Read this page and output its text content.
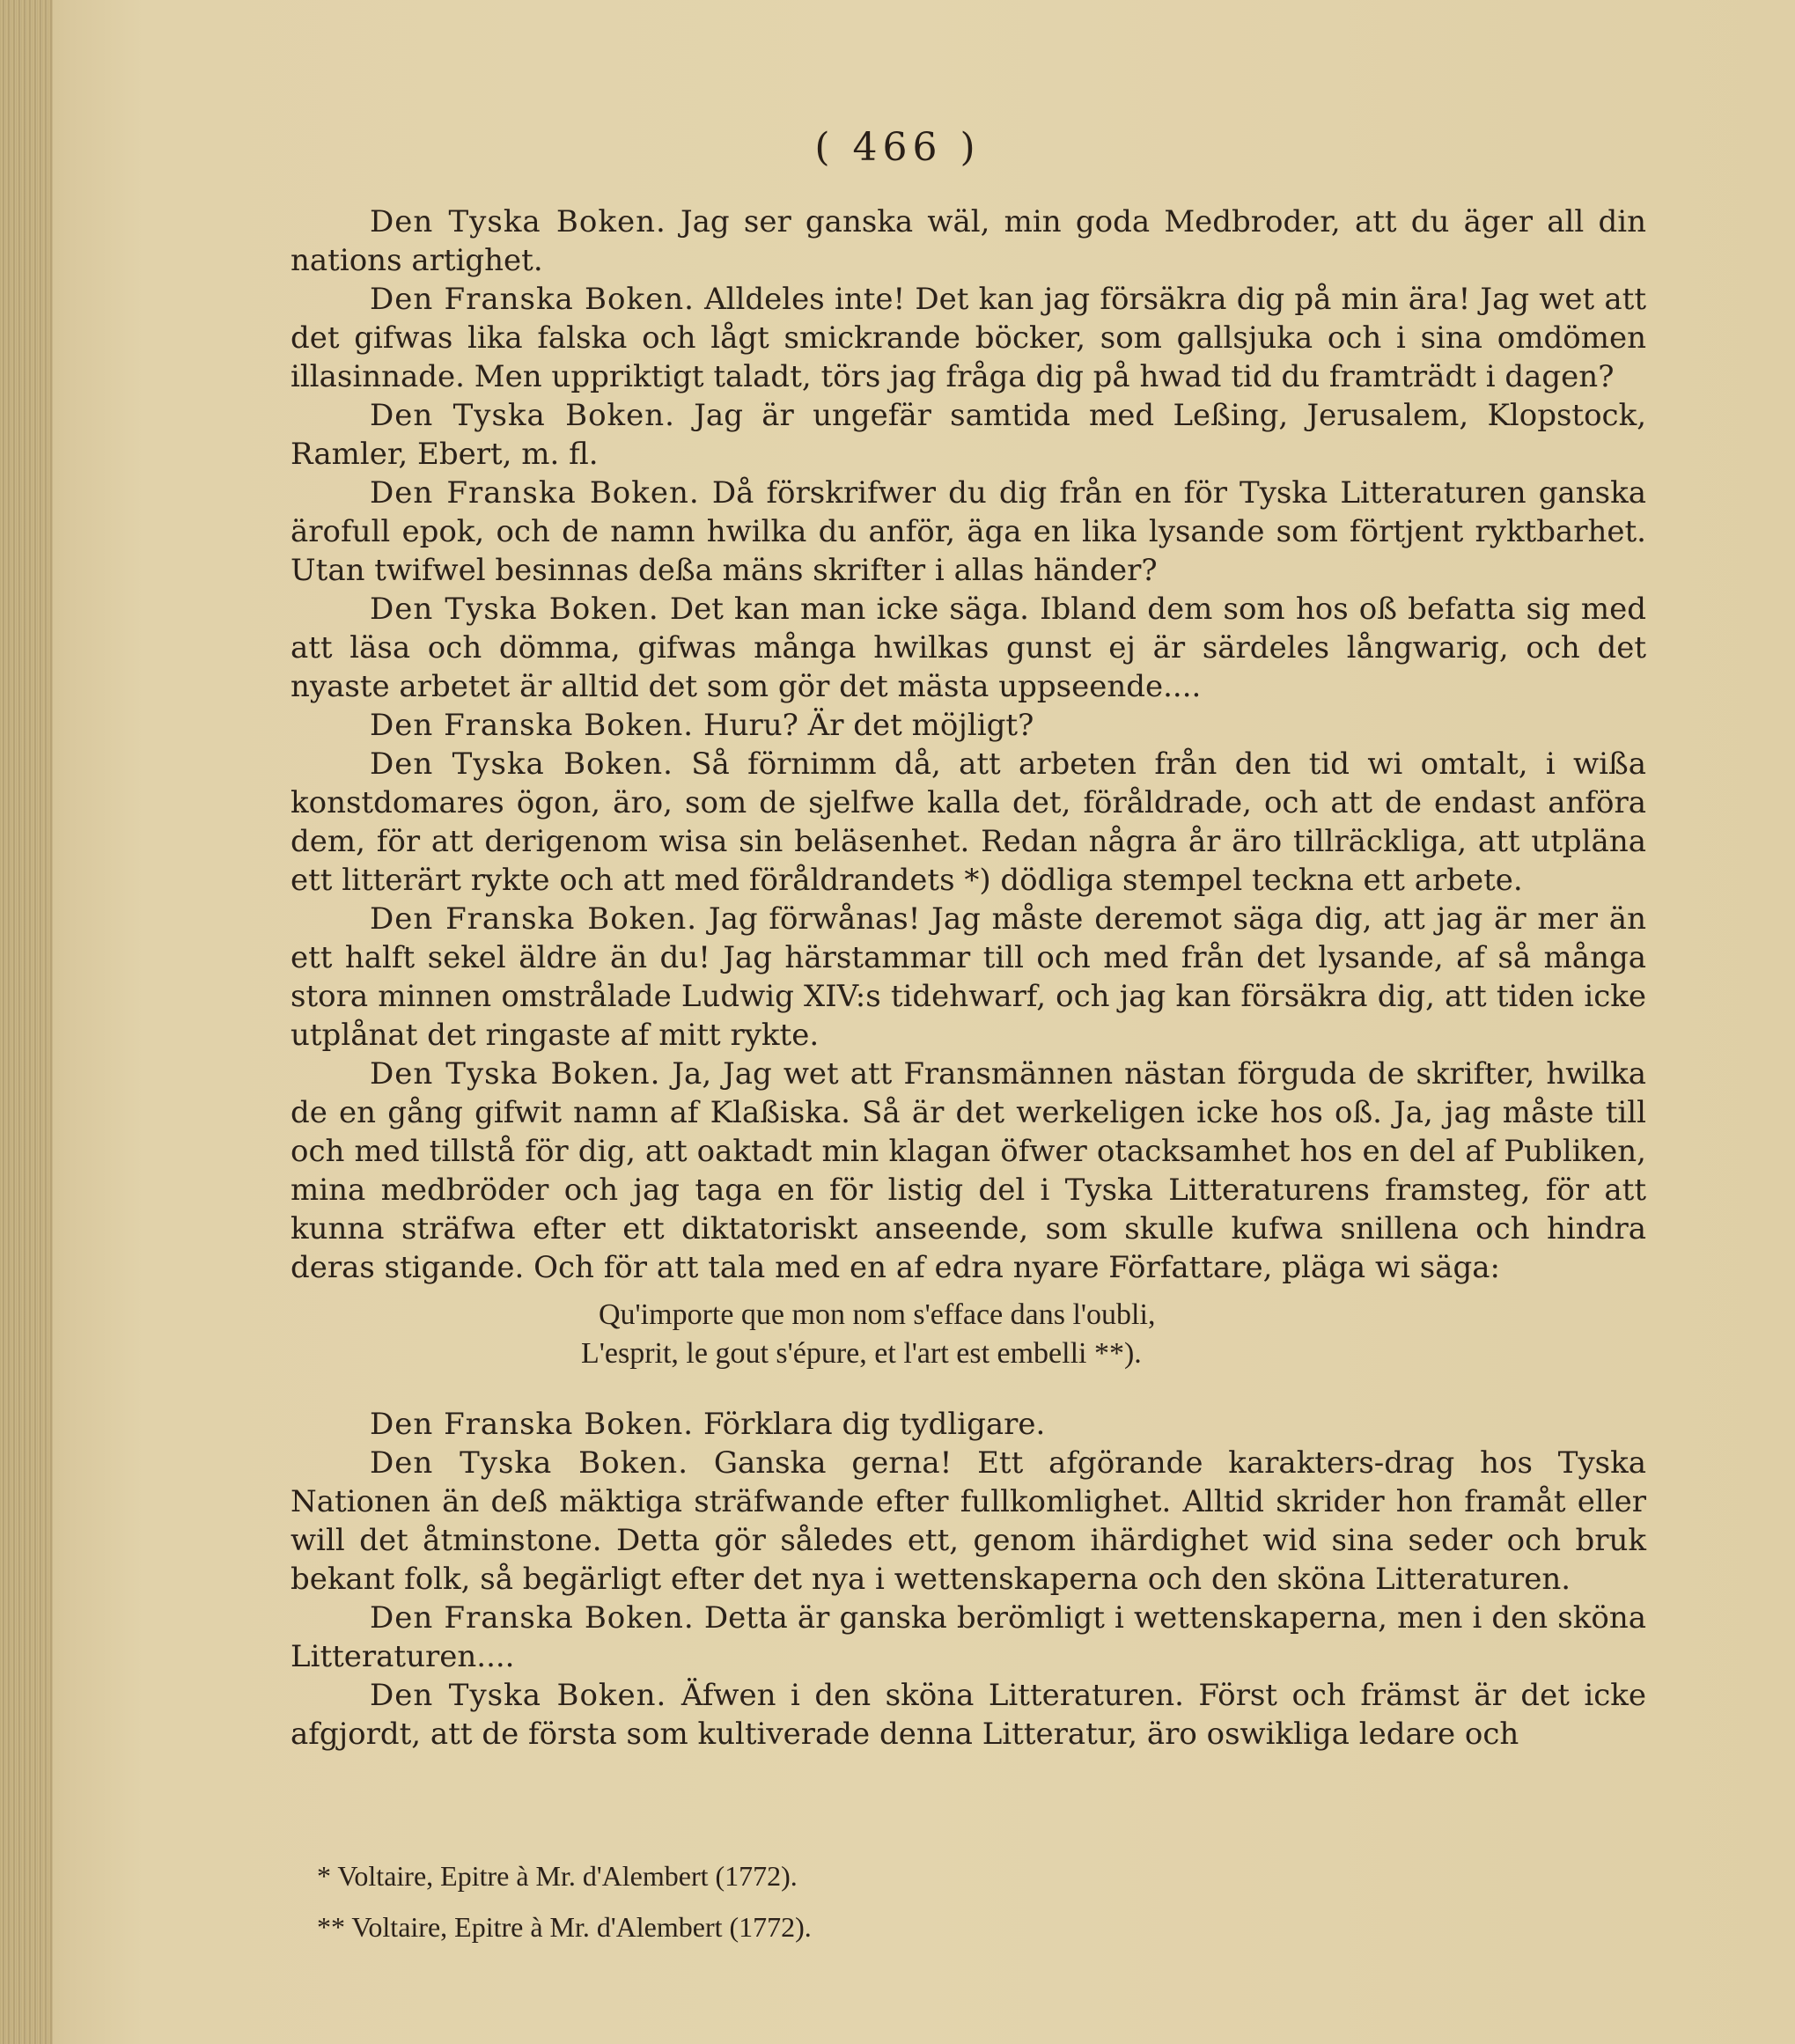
( 466 )

Den Tyska Boken. Jag ser ganska wäl, min goda Medbroder, att du äger all din nations artighet.

Den Franska Boken. Alldeles inte! Det kan jag försäkra dig på min ära! Jag wet att det gifwas lika falska och lågt smickrande böcker, som gallsjuka och i sina omdömen illasinnade. Men uppriktigt taladt, törs jag fråga dig på hwad tid du framträdt i dagen?

Den Tyska Boken. Jag är ungefär samtida med Leßing, Jerusalem, Klopstock, Ramler, Ebert, m. fl.

Den Franska Boken. Då förskrifwer du dig från en för Tyska Litteraturen ganska ärofull epok, och de namn hwilka du anför, äga en lika lysande som förtjent ryktbarhet. Utan twifwel besinnas deßa mäns skrifter i allas händer?

Den Tyska Boken. Det kan man icke säga. Ibland dem som hos oß befatta sig med att läsa och dömma, gifwas många hwilkas gunst ej är särdeles långwarig, och det nyaste arbetet är alltid det som gör det mästa uppseende....

Den Franska Boken. Huru? Är det möjligt?

Den Tyska Boken. Så förnimm då, att arbeten från den tid wi omtalt, i wißa konstdomares ögon, äro, som de sjelfwe kalla det, föråldrade, och att de endast anföra dem, för att derigenom wisa sin beläsenhet. Redan några år äro tillräckliga, att utpläna ett litterärt rykte och att med föråldrandets *) dödliga stempel teckna ett arbete.

Den Franska Boken. Jag förwånas! Jag måste deremot säga dig, att jag är mer än ett halft sekel äldre än du! Jag härstammar till och med från det lysande, af så många stora minnen omstrålade Ludwig XIV:s tidehwarf, och jag kan försäkra dig, att tiden icke utplånat det ringaste af mitt rykte.

Den Tyska Boken. Ja, Jag wet att Fransmännen nästan förguda de skrifter, hwilka de en gång gifwit namn af Klaßiska. Så är det werkeligen icke hos oß. Ja, jag måste till och med tillstå för dig, att oaktadt min klagan öfwer otacksamhet hos en del af Publiken, mina medbröder och jag taga en för listig del i Tyska Litteraturens framsteg, för att kunna sträfwa efter ett diktatoriskt anseende, som skulle kufwa snillena och hindra deras stigande. Och för att tala med en af edra nyare Författare, pläga wi säga:

Qu'importe que mon nom s'efface dans l'oubli,
L'esprit, le gout s'épure, et l'art est embelli **).

Den Franska Boken. Förklara dig tydligare.

Den Tyska Boken. Ganska gerna! Ett afgörande karakters-drag hos Tyska Nationen än deß mäktiga sträfwande efter fullkomlighet. Alltid skrider hon framåt eller will det åtminstone. Detta gör således ett, genom ihärdighet wid sina seder och bruk bekant folk, så begärligt efter det nya i wettenskaperna och den sköna Litteraturen.

Den Franska Boken. Detta är ganska berömligt i wettenskaperna, men i den sköna Litteraturen....

Den Tyska Boken. Äfwen i den sköna Litteraturen. Först och främst är det icke afgjordt, att de första som kultiverade denna Litteratur, äro oswikliga ledare och

* Voltaire, Epitre à Mr. d'Alembert (1772).
** Voltaire, Epitre à Mr. d'Alembert (1772).
